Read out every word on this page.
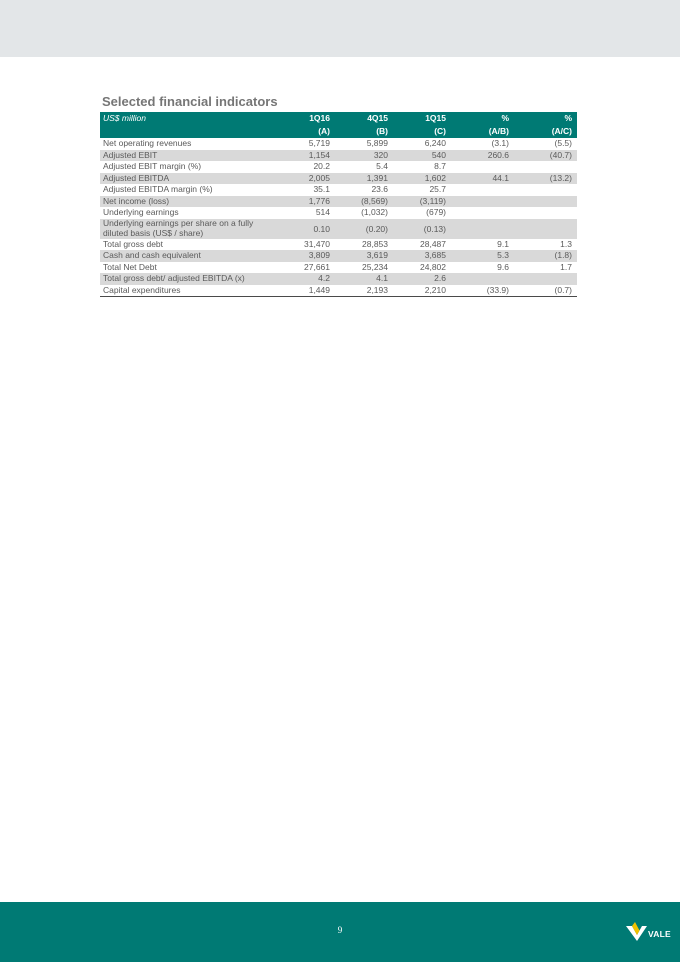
Selected financial indicators
US$ million	1Q16	4Q15	1Q15	%	%
	(A)	(B)	(C)	(A/B)	(A/C)
Net operating revenues	5,719	5,899	6,240	(3.1)	(5.5)
Adjusted EBIT	1,154	320	540	260.6	(40.7)
Adjusted EBIT margin (%)	20.2	5.4	8.7		
Adjusted EBITDA	2,005	1,391	1,602	44.1	(13.2)
Adjusted EBITDA margin (%)	35.1	23.6	25.7		
Net income (loss)	1,776	(8,569)	(3,119)		
Underlying earnings	514	(1,032)	(679)		
Underlying earnings per share on a fully diluted basis (US$ / share)	0.10	(0.20)	(0.13)		
Total gross debt	31,470	28,853	28,487	9.1	1.3
Cash and cash equivalent	3,809	3,619	3,685	5.3	(1.8)
Total Net Debt	27,661	25,234	24,802	9.6	1.7
Total gross debt/ adjusted EBITDA (x)	4.2	4.1	2.6		
Capital expenditures	1,449	2,193	2,210	(33.9)	(0.7)
9	VALE
